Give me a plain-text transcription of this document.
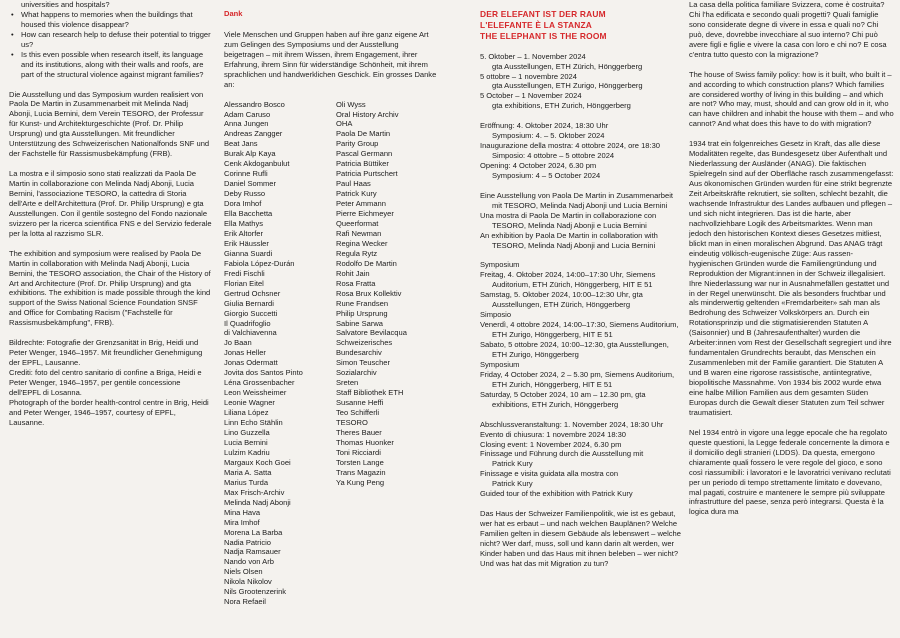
universities and hospitals?

• What happens to memories when the buildings that housed this violence disappear?
• How can research help to defuse their potential to trigger us?
• Is this even possible when research itself, its language and its institutions, along with their walls and roofs, are part of the structural violence against migrant families?

Die Ausstellung und das Symposium wurden realisiert von Paola De Martin in Zusammenarbeit mit Melinda Nadj Abonji, Lucia Bernini, dem Verein TESORO, der Professur für Kunst- und Architekturgeschichte (Prof. Dr. Philip Ursprung) und gta Ausstellungen. Mit freundlicher Unterstützung des Schweizerischen Nationalfonds SNF und der Fachstelle für Rassismusbekämpfung (FRB).

La mostra e il simposio sono stati realizzati da Paola De Martin in collaborazione con Melinda Nadj Abonji, Lucia Bernini, l'associazione TESORO, la cattedra di Storia dell'Arte e dell'Architettura (Prof. Dr. Philip Ursprung) e gta Ausstellungen. Con il gentile sostegno del Fondo nazionale svizzero per la ricerca scientifica FNS e del Servizio federale per la lotta al razzismo SLR.

The exhibition and symposium were realised by Paola De Martin in collaboration with Melinda Nadj Abonji, Lucia Bernini, the TESORO association, the Chair of the History of Art and Architecture (Prof. Dr. Philip Ursprung) and gta exhibitions. The exhibition is made possible through the kind support of the Swiss National Science Foundation SNSF and Office for Combating Racism ("Fachstelle für Rassismusbekämpfung", FRB).

Bildrechte: Fotografie der Grenzsanität in Brig, Heidi und Peter Wenger, 1946–1957. Mit freundlicher Genehmigung der EPFL, Lausanne.

Crediti: foto del centro sanitario di confine a Briga, Heidi e Peter Wenger, 1946–1957, per gentile concessione dell'EPFL di Losanna.

Photograph of the border health-control centre in Brig, Heidi and Peter Wenger, 1946–1957, courtesy of EPFL, Lausanne.

Dank

Viele Menschen und Gruppen haben auf ihre ganz eigene Art zum Gelingen des Symposiums und der Ausstellung beigetragen – mit ihrem Wissen, ihrem Engagement, ihrer Erfahrung, ihrem Sinn für widerständige Schönheit, mit ihrem sprachlichen und handwerklichen Geschick. Ein grosses Danke an:

Alessandro Bosco
Adam Caruso
Anna Jungen
Andreas Zangger
Beat Jans
Burak Alp Kaya
Cenk Akdoganbulut
Corinne Rufli
Daniel Sommer
Deby Russo
Dora Imhof
Ella Bacchetta
Ella Mathys
Erik Altorfer
Erik Häussler
Gianna Suardi
Fabiola López-Durán
Fredi Fischli
Florian Eitel
Gertrud Ochsner
Giulia Bernardi
Giorgio Succetti
Il Quadrifoglio
di Valchiavenna
Jo Baan
Jonas Heller
Jonas Odermatt
Jovita dos Santos Pinto
Léna Grossenbacher
Leon Weissheimer
Leonie Wagner
Liliana López
Linn Echo Stählin
Lino Guzzella
Lucia Bernini
Lulzim Kadriu
Margaux Koch Goei
Maria A. Satta
Marius Turda
Max Frisch-Archiv
Melinda Nadj Abonji
Mina Hava
Mira Imhof
Morena La Barba
Nadia Patricio
Nadja Ramsauer
Nando von Arb
Niels Olsen
Nikola Nikolov
Nils Grootenzerink
Nora Refaeil
Oli Wyss
Oral History Archiv
OHA
Paola De Martin
Parity Group
Pascal Germann
Patricia Büttiker
Patricia Purtschert
Paul Haas
Patrick Kury
Peter Ammann
Pierre Eichmeyer
Queerformat
Rafi Newman
Regina Wecker
Regula Rytz
Rodolfo De Martin
Rohit Jain
Rosa Fratta
Rosa Brux Kollektiv
Rune Frandsen
Philip Ursprung
Sabine Sarwa
Salvatore Bevilacqua
Schweizerisches
Bundesarchiv
Simon Teuscher
Sozialarchiv
Sreten
Staff Bibliothek ETH
Susanne Heffi
Teo Schifferli
TESORO
Theres Bauer
Thomas Huonker
Toni Ricciardi
Torsten Lange
Trans Magazin
Ya Kung Peng
DER ELEFANT IST DER RAUM
L'ELEFANTE È LA STANZA
THE ELEPHANT IS THE ROOM

5. Oktober – 1. November 2024

gta Ausstellungen, ETH Zürich, Hönggerberg

5 ottobre – 1 novembre 2024

gta Ausstellungen, ETH Zurigo, Hönggerberg

5 October – 1 November 2024

gta exhibitions, ETH Zurich, Hönggerberg

Eröffnung: 4. Oktober 2024, 18:30 Uhr

Symposium: 4. – 5. Oktober 2024

Inaugurazione della mostra: 4 ottobre 2024, ore 18:30

Simposio: 4 ottobre – 5 ottobre 2024

Opening: 4 October 2024, 6.30 pm

Symposium: 4 – 5 October 2024

Eine Ausstellung von Paola De Martin in Zusammenarbeit mit TESORO, Melinda Nadj Abonji und Lucia Bernini

Una mostra di Paola De Martin in collaborazione con TESORO, Melinda Nadj Abonji e Lucia Bernini

An exhibition by Paola De Martin in collaboration with TESORO, Melinda Nadj Abonji and Lucia Bernini

Symposium

Freitag, 4. Oktober 2024, 14:00–17:30 Uhr, Siemens Auditorium, ETH Zürich, Hönggerberg, HIT E 51

Samstag, 5. Oktober 2024, 10:00–12:30 Uhr, gta Ausstellungen, ETH Zürich, Hönggerberg

Simposio

Venerdì, 4 ottobre 2024, 14:00–17:30, Siemens Auditorium, ETH Zurigo, Hönggerberg, HIT E 51

Sabato, 5 ottobre 2024, 10:00–12:30, gta Ausstellungen, ETH Zurigo, Hönggerberg

Symposium

Friday, 4 October 2024, 2 – 5.30 pm, Siemens Auditorium, ETH Zurich, Hönggerberg, HIT E 51

Saturday, 5 October 2024, 10 am – 12.30 pm, gta exhibitions, ETH Zurich, Hönggerberg

Abschlussveranstaltung: 1. November 2024, 18:30 Uhr

Evento di chiusura: 1 novembre 2024 18:30

Closing event: 1 November 2024, 6.30 pm

Finissage und Führung durch die Ausstellung mit

Patrick Kury

Finissage e visita guidata alla mostra con

Patrick Kury

Guided tour of the exhibition with Patrick Kury

Das Haus der Schweizer Familienpolitik, wie ist es gebaut, wer hat es erbaut – und nach welchen Bauplänen? Welche Familien gelten in diesem Gebäude als lebenswert – welche nicht? Wer darf, muss, soll und kann darin alt werden, wer Kinder haben und das Haus mit ihnen beleben – wer nicht? Und was hat das mit Migration zu tun?

La casa della politica familiare Svizzera, come è costruita? Chi l'ha edificata e secondo quali progetti? Quali famiglie sono considerate degne di vivere in essa e quali no? Chi può, deve, dovrebbe invecchiare al suo interno? Chi può avere figli e figlie e vivere la casa con loro e chi no? E cosa c'entra tutto questo con la migrazione?

The house of Swiss family policy: how is it built, who built it – and according to which construction plans? Which families are considered worthy of living in this building – and which are not? Who may, must, should and can grow old in it, who can have children and inhabit the house with them – and who cannot? And what does this have to do with migration?

1934 trat ein folgenreiches Gesetz in Kraft, das alle diese Modalitäten regelte, das Bundesgesetz über Aufenthalt und Niederlassung der Ausländer (ANAG). Die faktischen Spielregeln sind auf der Oberfläche rasch zusammengefasst: Aus ökonomischen Gründen wurden für eine strikt begrenzte Zeit Arbeitskräfte rekrutiert, sie sollten, schlecht bezahlt, die wachsende Infrastruktur des Landes aufbauen und pflegen – und sich nicht integrieren. Das ist die harte, aber nachvollziehbare Logik des Arbeitsmarktes. Wenn man jedoch den historischen Kontext dieses Gesetzes mitliest, blickt man in einen moralischen Abgrund. Das ANAG trägt eindeutig völkisch-eugenische Züge: Aus rassen-hygienischen Gründen wurde die Familiengründung und Reproduktion der Migrant:innen in der Schweiz illegalisiert. Ihre Niederlassung war nur in Ausnahmefällen gestattet und in der Regel unerwünscht. Die als besonders fruchtbar und als minderwertig geltenden «Fremdarbeiter» sah man als Bedrohung des Schweizer Volkskörpers an. Durch ein Rotationsprinzip und die stigmatisierenden Statuten A (Saisonnier) und B (Jahresaufenthalter) wurden die Arbeiter:innen vom Rest der Gesellschaft segregiert und ihre fundamentalen Grundrechts beraubt, das Menschen ein Zusammenleben mit der Familie garantiert. Die Statuten A und B waren eine rigorose rassistische, antiintegrative, biopolitische Massnahme. Von 1934 bis 2002 wurde etwa eine halbe Million Familien aus dem gesamten Süden Europas durch die Gewalt dieser Statuten zum Teil schwer traumatisiert.

Nel 1934 entrò in vigore una legge epocale che ha regolato queste questioni, la Legge federale concernente la dimora e il domicilio degli stranieri (LDDS). Da questa, emergono chiaramente quali fossero le vere regole del gioco, e sono così riassumibili: i lavoratori e le lavoratrici venivano reclutati per un periodo di tempo strettamente limitato e dovevano, mal pagati, costruire e mantenere le sempre più sviluppate infrastrutture del paese, senza però integrarsi. Questa è la logica dura ma
